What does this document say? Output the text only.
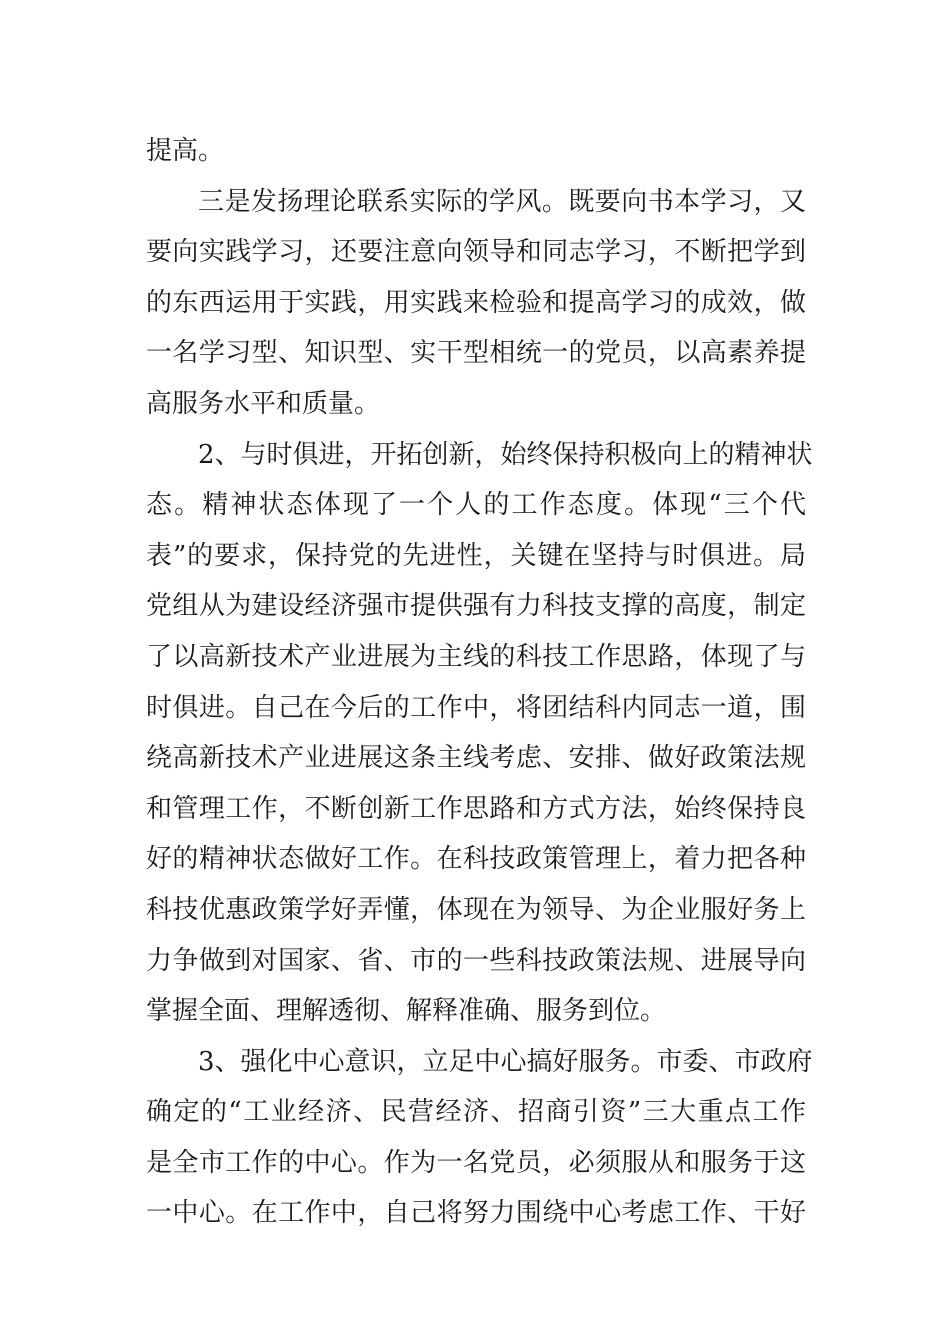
提高。
三是发扬理论联系实际的学风。既要向书本学习，又
要向实践学习，还要注意向领导和同志学习，不断把学到
的东西运用于实践，用实践来检验和提高学习的成效，做
一名学习型、知识型、实干型相统一的党员，以高素养提
高服务水平和质量。
2、与时俱进，开拓创新，始终保持积极向上的精神状
态。精神状态体现了一个人的工作态度。体现“三个代
表”的要求，保持党的先进性，关键在坚持与时俱进。局
党组从为建设经济强市提供强有力科技支撑的高度，制定
了以高新技术产业进展为主线的科技工作思路，体现了与
时俱进。自己在今后的工作中，将团结科内同志一道，围
绕高新技术产业进展这条主线考虑、安排、做好政策法规
和管理工作，不断创新工作思路和方式方法，始终保持良
好的精神状态做好工作。在科技政策管理上，着力把各种
科技优惠政策学好弄懂，体现在为领导、为企业服好务上
力争做到对国家、省、市的一些科技政策法规、进展导向
掌握全面、理解透彻、解释准确、服务到位。
3、强化中心意识，立足中心搞好服务。市委、市政府
确定的“工业经济、民营经济、招商引资”三大重点工作
是全市工作的中心。作为一名党员，必须服从和服务于这
一中心。在工作中，自己将努力围绕中心考虑工作、干好
